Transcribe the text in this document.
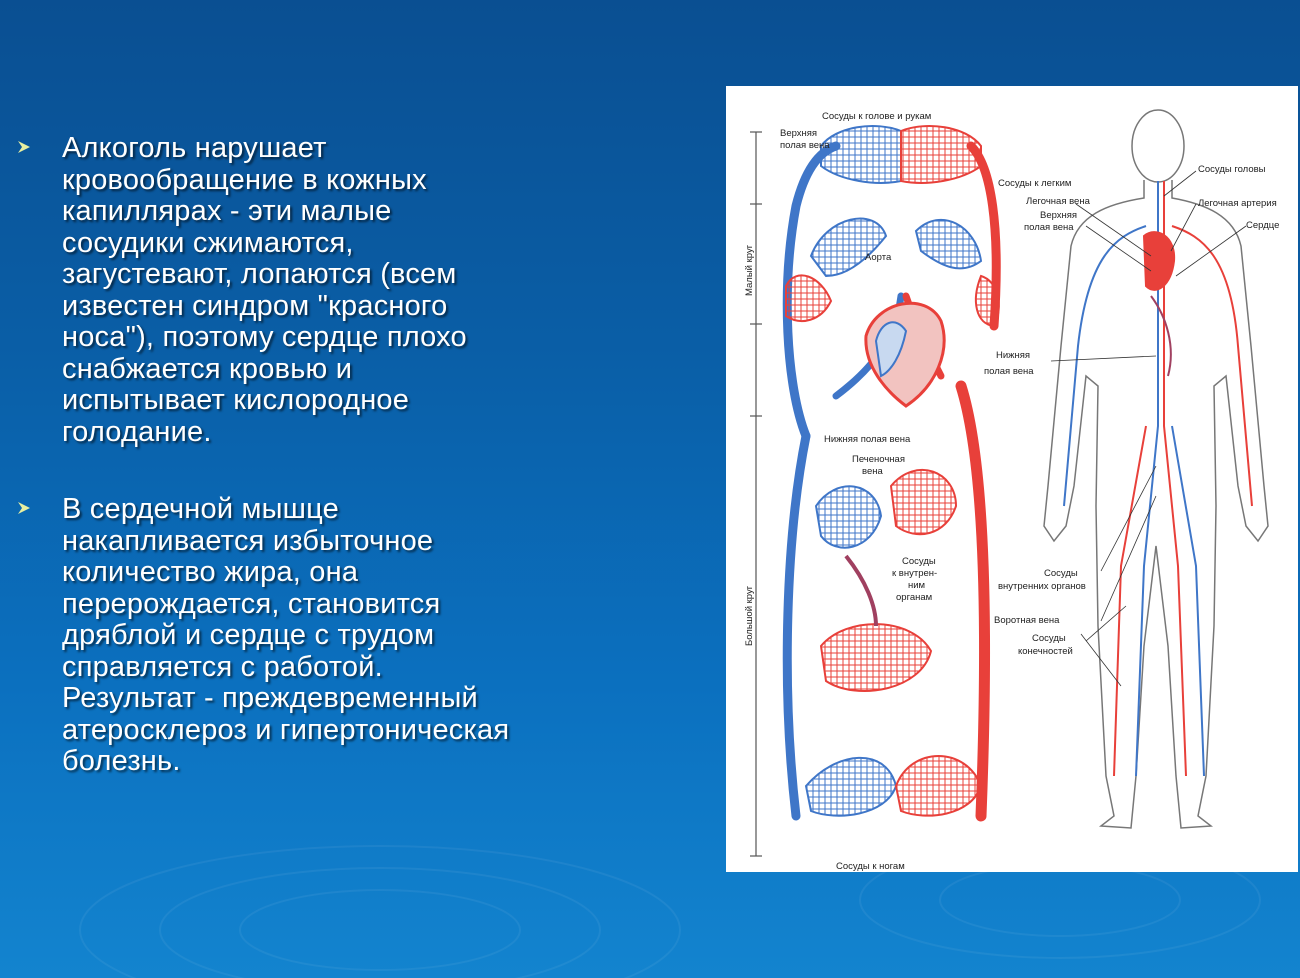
Алкоголь нарушает
кровообращение в кожных
капиллярах - эти малые
сосудики сжимаются,
загустевают, лопаются (всем
известен синдром "красного
носа"), поэтому сердце плохо
снабжается кровью и
испытывает кислородное
голодание.
В сердечной мышце
накапливается избыточное
количество жира, она
перерождается, становится
дряблой и сердце с трудом
справляется с работой.
Результат - преждевременный
атеросклероз и гипертоническая
болезнь.
Малый круг
Большой круг
Сосуды к голове и рукам
Верхняя
полая вена
Сосуды к легким
Аорта
Нижняя полая вена
Печеночная
вена
Сосуды
к внутрен-
ним
органам
Сосуды к ногам
Сосуды головы
Легочная вена	Легочная артерия
Верхняя
полая вена	Сердце
Нижняя
полая вена
Сосуды
внутренних органов
Воротная вена
Сосуды
конечностей
